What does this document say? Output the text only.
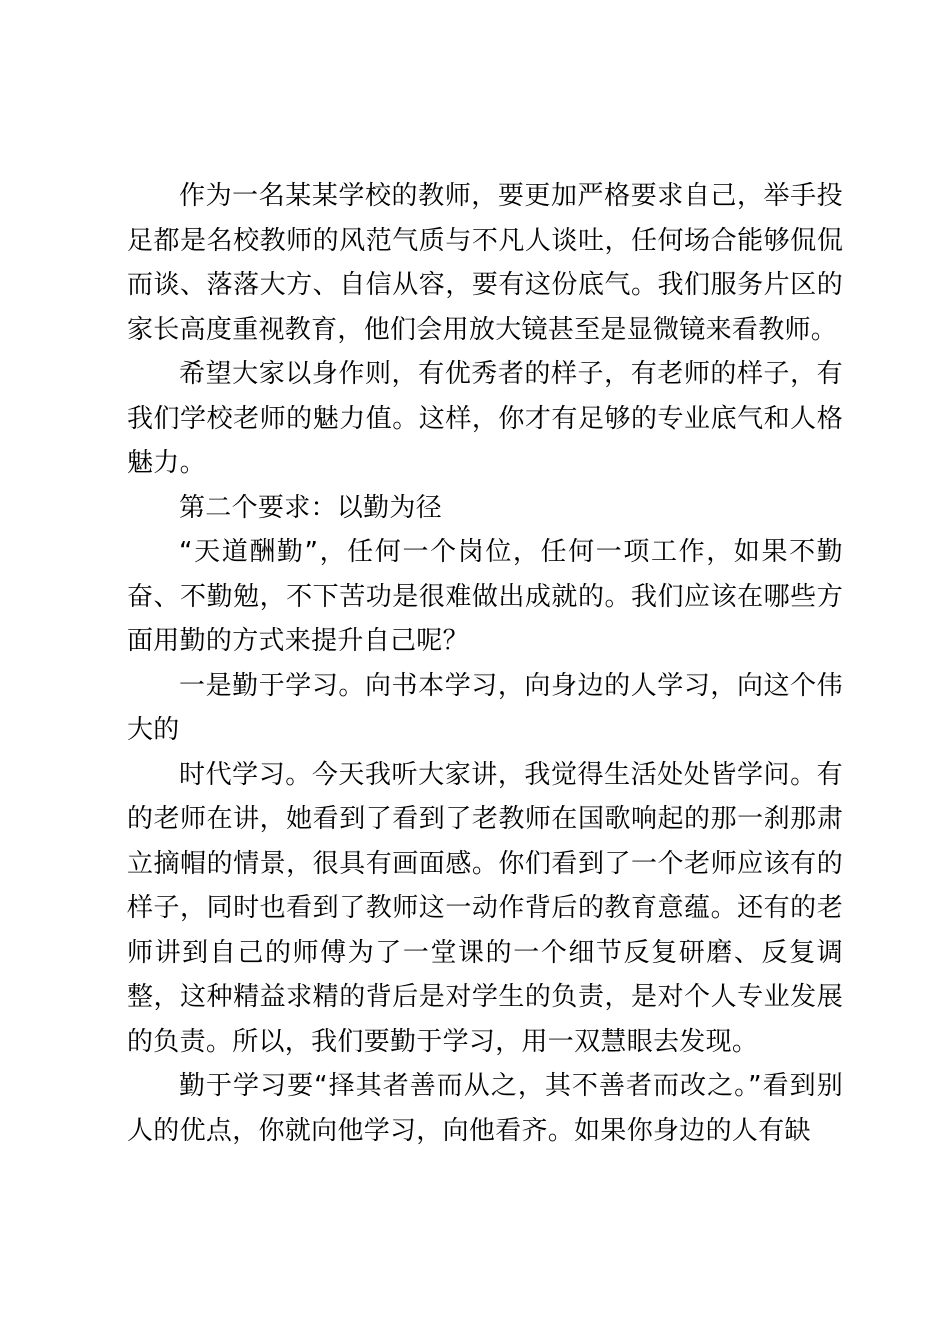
作为一名某某学校的教师，要更加严格要求自己，举手投足都是名校教师的风范气质与不凡人谈吐，任何场合能够侃侃而谈、落落大方、自信从容，要有这份底气。我们服务片区的家长高度重视教育，他们会用放大镜甚至是显微镜来看教师。

希望大家以身作则，有优秀者的样子，有老师的样子，有我们学校老师的魅力值。这样，你才有足够的专业底气和人格魅力。

第二个要求：以勤为径

“天道酬勤”，任何一个岗位，任何一项工作，如果不勤奋、不勤勉，不下苦功是很难做出成就的。我们应该在哪些方面用勤的方式来提升自己呢？

一是勤于学习。向书本学习，向身边的人学习，向这个伟大的

时代学习。今天我听大家讲，我觉得生活处处皆学问。有的老师在讲，她看到了看到了老教师在国歌响起的那一刹那肃立摘帽的情景，很具有画面感。你们看到了一个老师应该有的样子，同时也看到了教师这一动作背后的教育意蕴。还有的老师讲到自己的师傅为了一堂课的一个细节反复研磨、反复调整，这种精益求精的背后是对学生的负责，是对个人专业发展的负责。所以，我们要勤于学习，用一双慧眼去发现。

勤于学习要“择其者善而从之，其不善者而改之。”看到别人的优点，你就向他学习，向他看齐。如果你身边的人有缺
